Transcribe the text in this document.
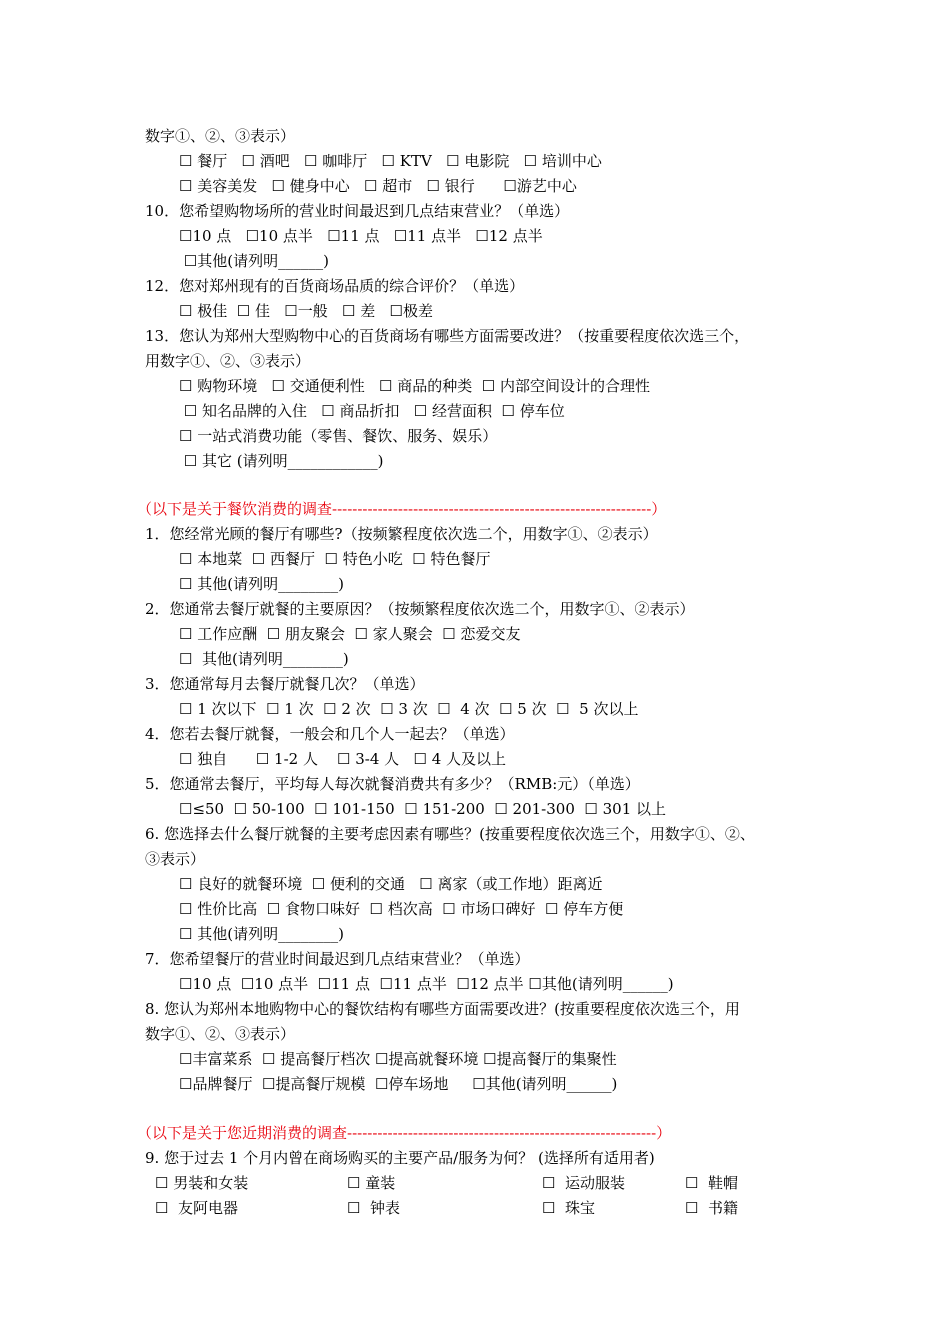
数字①、②、③表示）
☐ 餐厅   ☐ 酒吧   ☐ 咖啡厅   ☐ KTV   ☐ 电影院   ☐ 培训中心
☐ 美容美发   ☐ 健身中心   ☐ 超市   ☐ 银行      ☐游艺中心
10．您希望购物场所的营业时间最迟到几点结束营业？（单选）
☐10 点   ☐10 点半   ☐11 点   ☐11 点半   ☐12 点半
☐其他(请列明______)
12．您对郑州现有的百货商场品质的综合评价？（单选）
☐ 极佳  ☐ 佳   ☐一般   ☐ 差   ☐极差
13．您认为郑州大型购物中心的百货商场有哪些方面需要改进？（按重要程度依次选三个，
用数字①、②、③表示）
☐ 购物环境   ☐ 交通便利性   ☐ 商品的种类  ☐ 内部空间设计的合理性
☐ 知名品牌的入住   ☐ 商品折扣   ☐ 经营面积  ☐ 停车位
☐ 一站式消费功能（零售、餐饮、服务、娱乐）
☐ 其它 (请列明____________)
（以下是关于餐饮消费的调查---------------------------------------------------------------）
1．您经常光顾的餐厅有哪些?（按频繁程度依次选二个，用数字①、②表示）
☐ 本地菜  ☐ 西餐厅  ☐ 特色小吃  ☐ 特色餐厅
☐ 其他(请列明________)
2．您通常去餐厅就餐的主要原因？（按频繁程度依次选二个，用数字①、②表示）
☐ 工作应酬  ☐ 朋友聚会  ☐ 家人聚会  ☐ 恋爱交友
☐  其他(请列明________)
3．您通常每月去餐厅就餐几次？（单选）
☐ 1 次以下  ☐ 1 次  ☐ 2 次  ☐ 3 次  ☐  4 次  ☐ 5 次  ☐  5 次以上
4．您若去餐厅就餐，一般会和几个人一起去？（单选）
☐ 独自      ☐ 1-2 人    ☐ 3-4 人   ☐ 4 人及以上
5．您通常去餐厅，平均每人每次就餐消费共有多少？（RMB:元）（单选）
☐≤50  ☐ 50-100  ☐ 101-150  ☐ 151-200  ☐ 201-300  ☐ 301 以上
6. 您选择去什么餐厅就餐的主要考虑因素有哪些？(按重要程度依次选三个，用数字①、②、
③表示）
☐ 良好的就餐环境  ☐ 便利的交通   ☐ 离家（或工作地）距离近
☐ 性价比高  ☐ 食物口味好  ☐ 档次高  ☐ 市场口碑好  ☐ 停车方便
☐ 其他(请列明________)
7．您希望餐厅的营业时间最迟到几点结束营业？（单选）
☐10 点  ☐10 点半  ☐11 点  ☐11 点半  ☐12 点半 ☐其他(请列明______)
8. 您认为郑州本地购物中心的餐饮结构有哪些方面需要改进？(按重要程度依次选三个，用
数字①、②、③表示）
☐丰富菜系  ☐ 提高餐厅档次 ☐提高就餐环境 ☐提高餐厅的集聚性
☐品牌餐厅  ☐提高餐厅规模  ☐停车场地     ☐其他(请列明______)
（以下是关于您近期消费的调查-------------------------------------------------------------）
9. 您于过去 1 个月内曾在商场购买的主要产品/服务为何？ (选择所有适用者)
☐ 男装和女装	☐ 童装	☐  运动服装	☐  鞋帽
☐  友阿电器	☐  钟表	☐  珠宝	☐  书籍
